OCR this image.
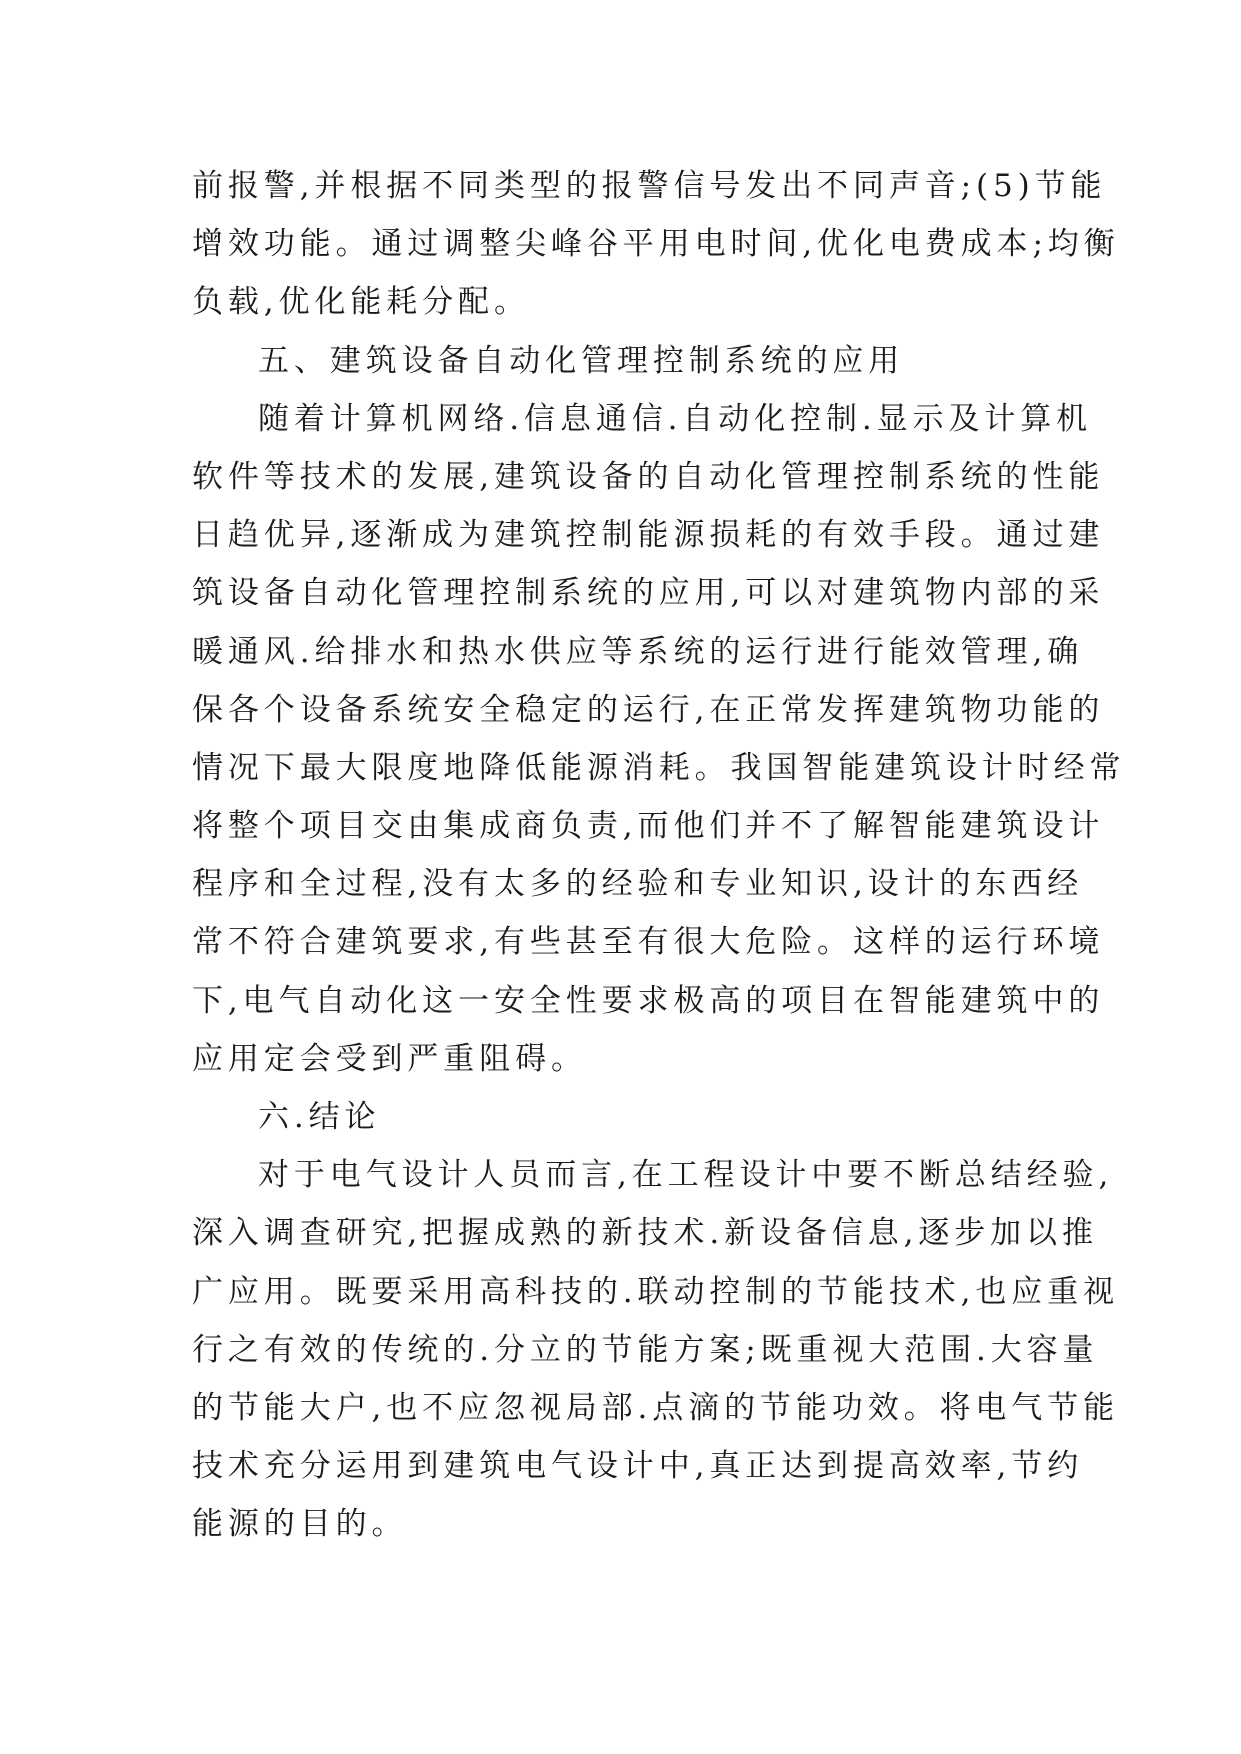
前报警,并根据不同类型的报警信号发出不同声音;(5)节能
增效功能。通过调整尖峰谷平用电时间,优化电费成本;均衡
负载,优化能耗分配。
五、建筑设备自动化管理控制系统的应用
随着计算机网络.信息通信.自动化控制.显示及计算机
软件等技术的发展,建筑设备的自动化管理控制系统的性能
日趋优异,逐渐成为建筑控制能源损耗的有效手段。通过建
筑设备自动化管理控制系统的应用,可以对建筑物内部的采
暖通风.给排水和热水供应等系统的运行进行能效管理,确
保各个设备系统安全稳定的运行,在正常发挥建筑物功能的
情况下最大限度地降低能源消耗。我国智能建筑设计时经常
将整个项目交由集成商负责,而他们并不了解智能建筑设计
程序和全过程,没有太多的经验和专业知识,设计的东西经
常不符合建筑要求,有些甚至有很大危险。这样的运行环境
下,电气自动化这一安全性要求极高的项目在智能建筑中的
应用定会受到严重阻碍。
六.结论
对于电气设计人员而言,在工程设计中要不断总结经验,
深入调查研究,把握成熟的新技术.新设备信息,逐步加以推
广应用。既要采用高科技的.联动控制的节能技术,也应重视
行之有效的传统的.分立的节能方案;既重视大范围.大容量
的节能大户,也不应忽视局部.点滴的节能功效。将电气节能
技术充分运用到建筑电气设计中,真正达到提高效率,节约
能源的目的。
